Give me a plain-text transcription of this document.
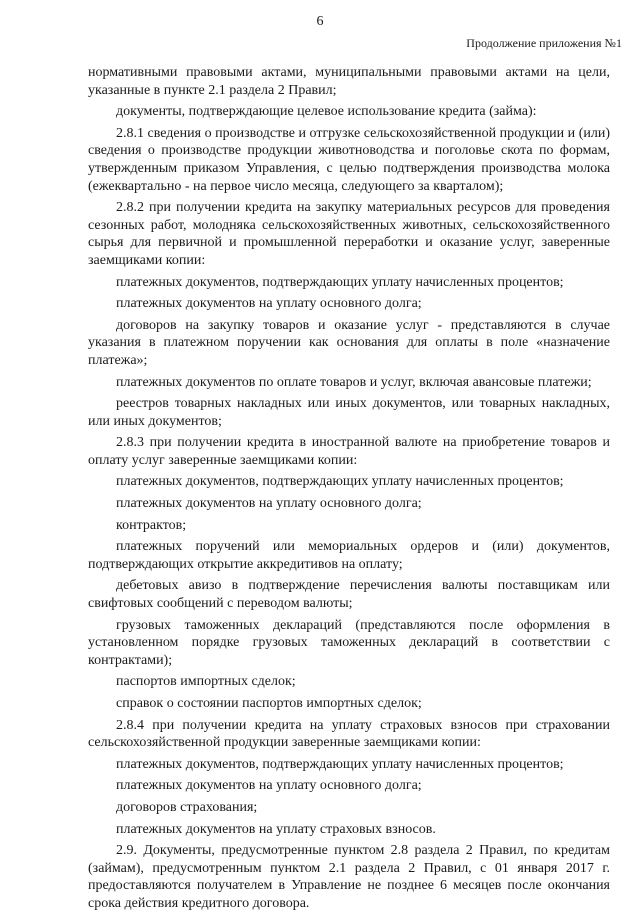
6
Продолжение приложения №1

нормативными правовыми актами, муниципальными правовыми актами на цели, указанные в пункте 2.1 раздела 2 Правил;

документы, подтверждающие целевое использование кредита (займа):

2.8.1 сведения о производстве и отгрузке сельскохозяйственной продукции и (или) сведения о производстве продукции животноводства и поголовье скота по формам, утвержденным приказом Управления, с целью подтверждения производства молока (ежеквартально - на первое число месяца, следующего за кварталом);

2.8.2 при получении кредита на закупку материальных ресурсов для проведения сезонных работ, молодняка сельскохозяйственных животных, сельскохозяйственного сырья для первичной и промышленной переработки и оказание услуг, заверенные заемщиками копии:

платежных документов, подтверждающих уплату начисленных процентов;

платежных документов на уплату основного долга;

договоров на закупку товаров и оказание услуг - представляются в случае указания в платежном поручении как основания для оплаты в поле «назначение платежа»;

платежных документов по оплате товаров и услуг, включая авансовые платежи;

реестров товарных накладных или иных документов, или товарных накладных, или иных документов;

2.8.3 при получении кредита в иностранной валюте на приобретение товаров и оплату услуг заверенные заемщиками копии:

платежных документов, подтверждающих уплату начисленных процентов;

платежных документов на уплату основного долга;

контрактов;

платежных поручений или мемориальных ордеров и (или) документов, подтверждающих открытие аккредитивов на оплату;

дебетовых авизо в подтверждение перечисления валюты поставщикам или свифтовых сообщений с переводом валюты;

грузовых таможенных деклараций (представляются после оформления в установленном порядке грузовых таможенных деклараций в соответствии с контрактами);

паспортов импортных сделок;

справок о состоянии паспортов импортных сделок;

2.8.4 при получении кредита на уплату страховых взносов при страховании сельскохозяйственной продукции заверенные заемщиками копии:

платежных документов, подтверждающих уплату начисленных процентов;

платежных документов на уплату основного долга;

договоров страхования;

платежных документов на уплату страховых взносов.

2.9. Документы, предусмотренные пунктом 2.8 раздела 2 Правил, по кредитам (займам), предусмотренным пунктом 2.1 раздела 2 Правил, с 01 января 2017 г. предоставляются получателем в Управление не позднее 6 месяцев после окончания срока действия кредитного договора.
